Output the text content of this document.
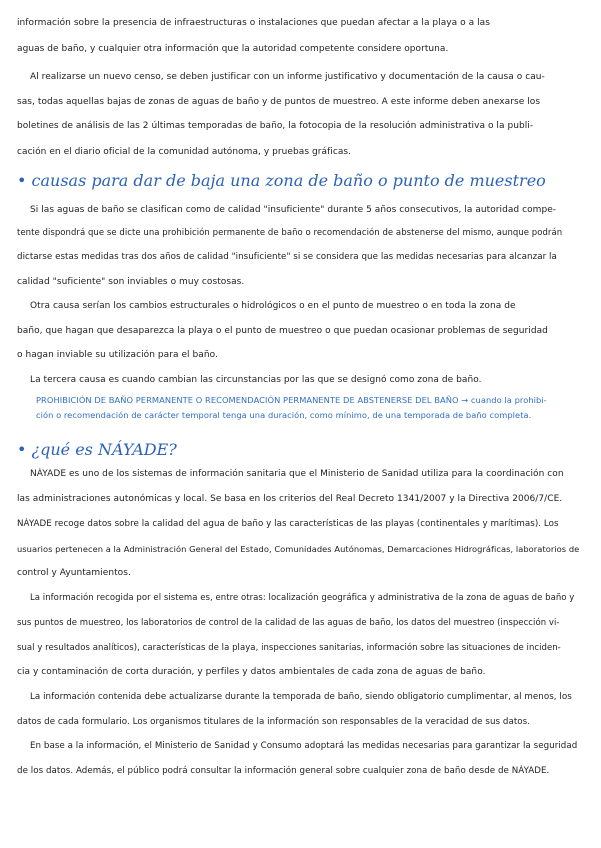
información sobre la presencia de infraestructuras o instalaciones que puedan afectar a la playa o a las
aguas de baño, y cualquier otra información que la autoridad competente considere oportuna.
Al realizarse un nuevo censo, se deben justificar con un informe justificativo y documentación de la causa o cau-
sas, todas aquellas bajas de zonas de aguas de baño y de puntos de muestreo. A este informe deben anexarse los
boletines de análisis de las 2 últimas temporadas de baño, la fotocopia de la resolución administrativa o la publi-
cación en el diario oficial de la comunidad autónoma, y pruebas gráficas.
• causas para dar de baja una zona de baño o punto de muestreo
Si las aguas de baño se clasifican como de calidad "insuficiente" durante 5 años consecutivos, la autoridad compe-
tente dispondrá que se dicte una prohibición permanente de baño o recomendación de abstenerse del mismo, aunque podrán
dictarse estas medidas tras dos años de calidad "insuficiente" si se considera que las medidas necesarias para alcanzar la
calidad "suficiente" son inviables o muy costosas.
Otra causa serían los cambios estructurales o hidrológicos o en el punto de muestreo o en toda la zona de
baño, que hagan que desaparezca la playa o el punto de muestreo o que puedan ocasionar problemas de seguridad
o hagan inviable su utilización para el baño.
La tercera causa es cuando cambian las circunstancias por las que se designó como zona de baño.
PROHIBICIÓN DE BAÑO PERMANENTE O RECOMENDACIÓN PERMANENTE DE ABSTENERSE DEL BAÑO → cuando la prohibi-
ción o recomendación de carácter temporal tenga una duración, como mínimo, de una temporada de baño completa.
• ¿qué es NÁYADE?
NÁYADE es uno de los sistemas de información sanitaria que el Ministerio de Sanidad utiliza para la coordinación con
las administraciones autonómicas y local. Se basa en los criterios del Real Decreto 1341/2007 y la Directiva 2006/7/CE.
NÁYADE recoge datos sobre la calidad del agua de baño y las características de las playas (continentales y marítimas). Los
usuarios pertenecen a la Administración General del Estado, Comunidades Autónomas, Demarcaciones Hidrográficas, laboratorios de
control y Ayuntamientos.
La información recogida por el sistema es, entre otras: localización geográfica y administrativa de la zona de aguas de baño y
sus puntos de muestreo, los laboratorios de control de la calidad de las aguas de baño, los datos del muestreo (inspección vi-
sual y resultados analíticos), características de la playa, inspecciones sanitarias, información sobre las situaciones de inciden-
cia y contaminación de corta duración, y perfiles y datos ambientales de cada zona de aguas de baño.
La información contenida debe actualizarse durante la temporada de baño, siendo obligatorio cumplimentar, al menos, los
datos de cada formulario. Los organismos titulares de la información son responsables de la veracidad de sus datos.
En base a la información, el Ministerio de Sanidad y Consumo adoptará las medidas necesarias para garantizar la seguridad
de los datos. Además, el público podrá consultar la información general sobre cualquier zona de baño desde de NÁYADE.
